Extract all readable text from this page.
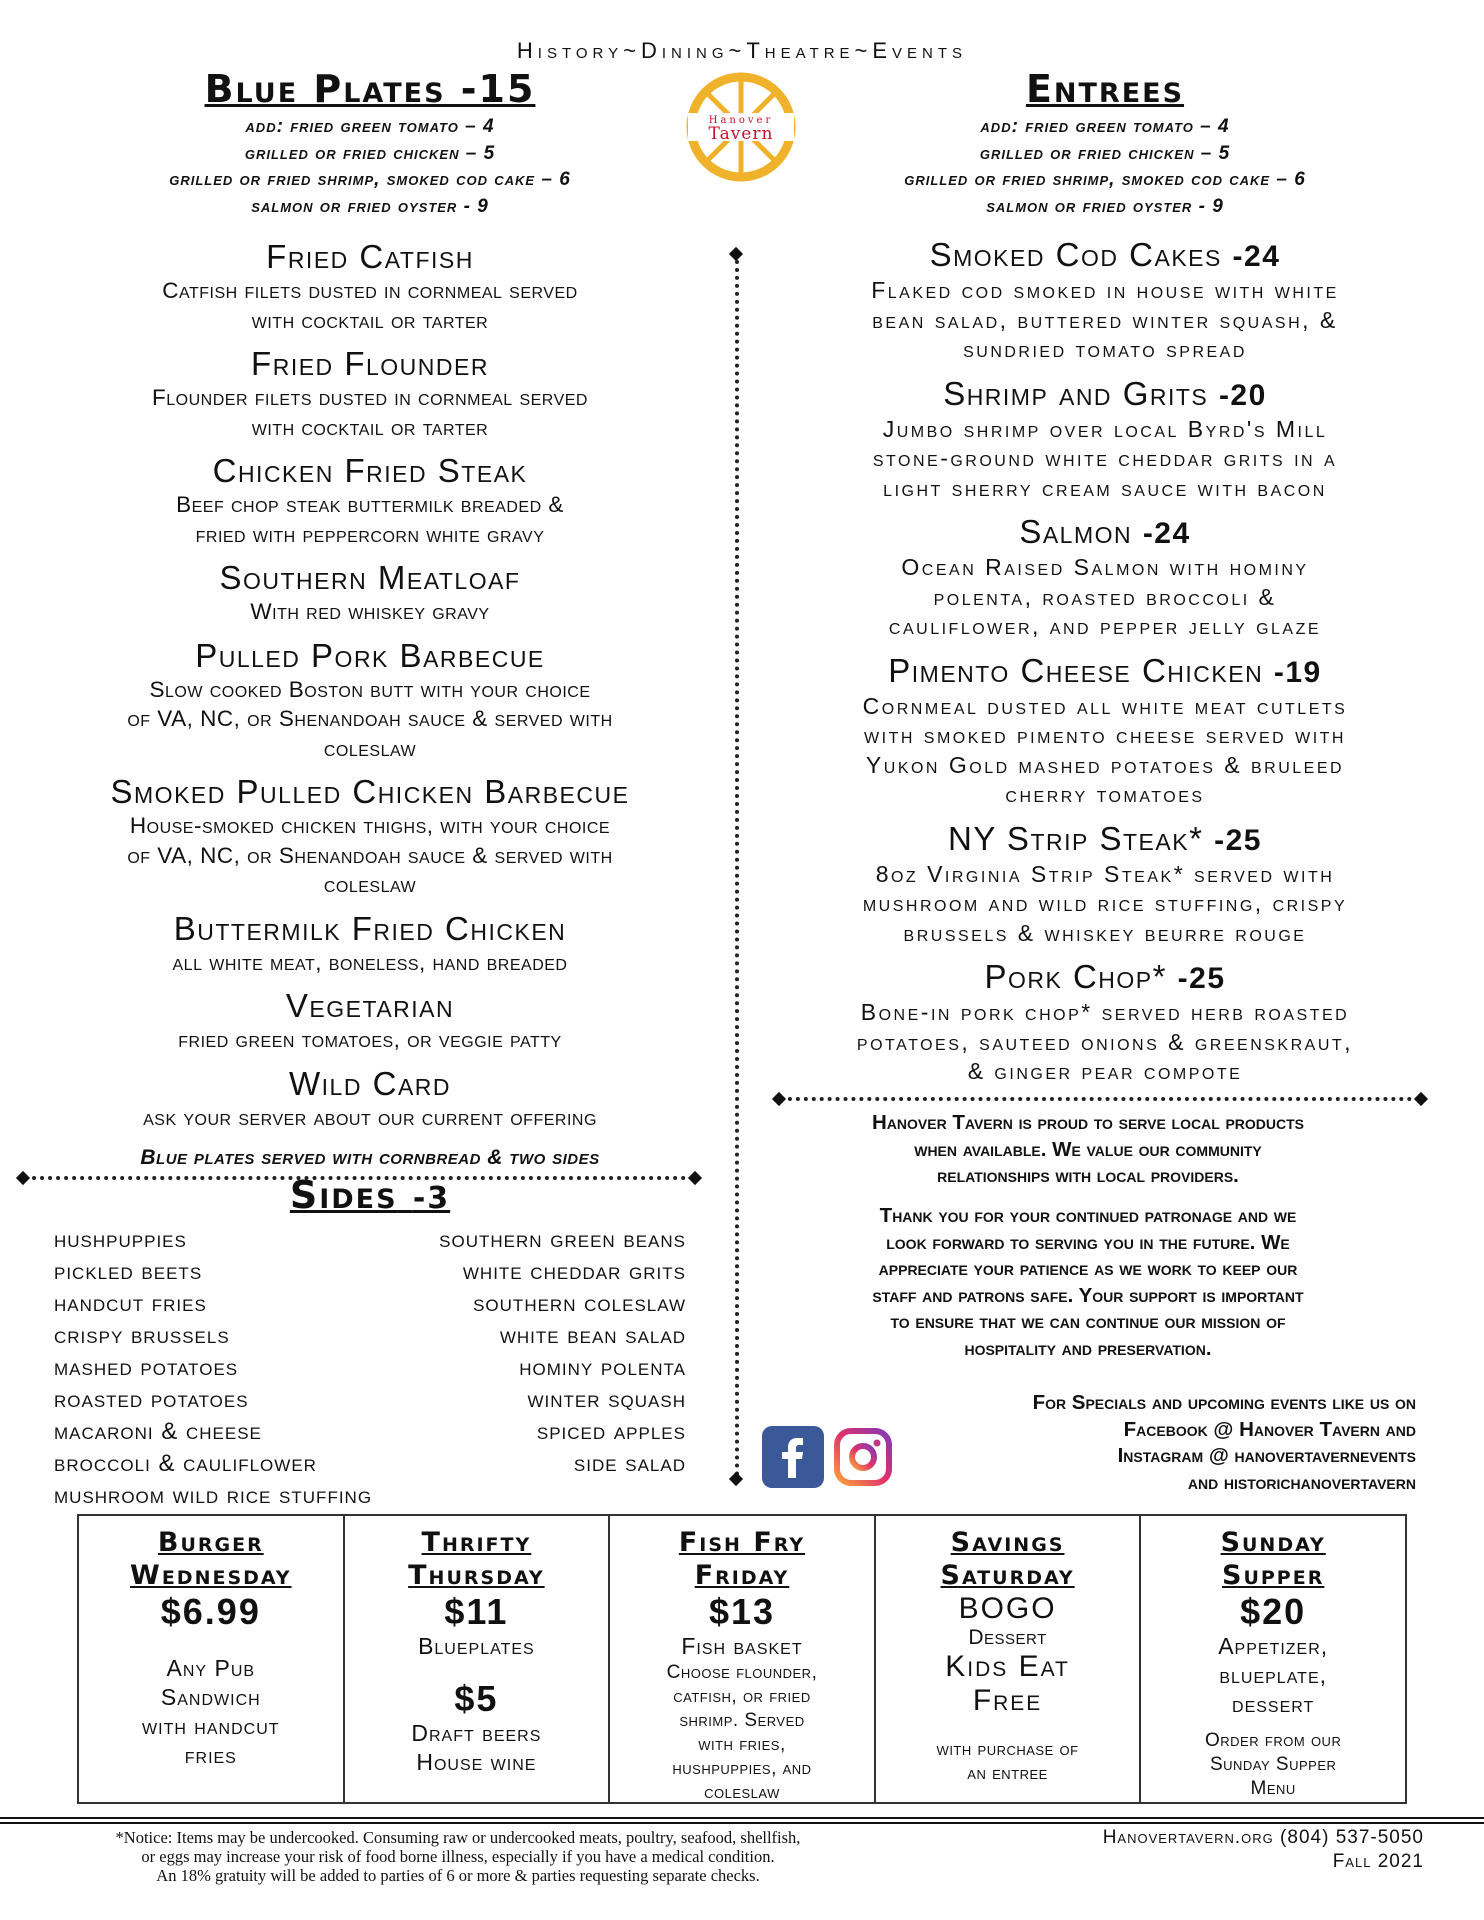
History~Dining~Theatre~Events
Hanover
Tavern
Blue Plates -15
add: fried green tomato – 4
grilled or fried chicken – 5
grilled or fried shrimp, smoked cod cake – 6
salmon or fried oyster - 9
Fried Catfish
Catfish filets dusted in cornmeal served
with cocktail or tarter
Fried Flounder
Flounder filets dusted in cornmeal served
with cocktail or tarter
Chicken Fried Steak
Beef chop steak buttermilk breaded &
fried with peppercorn white gravy
Southern Meatloaf
With red whiskey gravy
Pulled Pork Barbecue
Slow cooked Boston butt with your choice
of VA, NC, or Shenandoah sauce & served with
coleslaw
Smoked Pulled Chicken Barbecue
House-smoked chicken thighs, with your choice
of VA, NC, or Shenandoah sauce & served with
coleslaw
Buttermilk Fried Chicken
all white meat, boneless, hand breaded
Vegetarian
fried green tomatoes, or veggie patty
Wild Card
ask your server about our current offering
Blue plates served with cornbread & two sides
Entrees
add: fried green tomato – 4
grilled or fried chicken – 5
grilled or fried shrimp, smoked cod cake – 6
salmon or fried oyster - 9
Smoked Cod Cakes -24
Flaked cod smoked in house with white
bean salad, buttered winter squash, &
sundried tomato spread
Shrimp and Grits -20
Jumbo shrimp over local Byrd's Mill
stone-ground white cheddar grits in a
light sherry cream sauce with bacon
Salmon -24
Ocean Raised Salmon with hominy
polenta, roasted broccoli &
cauliflower, and pepper jelly glaze
Pimento Cheese Chicken -19
Cornmeal dusted all white meat cutlets
with smoked pimento cheese served with
Yukon Gold mashed potatoes & bruleed
cherry tomatoes
NY Strip Steak* -25
8oz Virginia Strip Steak* served with
mushroom and wild rice stuffing, crispy
brussels & whiskey beurre rouge
Pork Chop* -25
Bone-in pork chop* served herb roasted
potatoes, sauteed onions & greenskraut,
& ginger pear compote
Sides -3
hushpuppies	southern green beans
pickled beets	white cheddar grits
handcut fries	southern coleslaw
crispy brussels	white bean salad
mashed potatoes	hominy polenta
roasted potatoes	winter squash
macaroni & cheese	spiced apples
broccoli & cauliflower	side salad
mushroom wild rice stuffing
Hanover Tavern is proud to serve local products
when available. We value our community
relationships with local providers.
Thank you for your continued patronage and we
look forward to serving you in the future. We
appreciate your patience as we work to keep our
staff and patrons safe. Your support is important
to ensure that we can continue our mission of
hospitality and preservation.
For Specials and upcoming events like us on
Facebook @ Hanover Tavern and
Instagram @ hanovertavernevents
and historichanovertavern
Burger
Wednesday
$6.99
Any Pub
Sandwich
with handcut
fries
Thrifty
Thursday
$11
Blueplates
$5
Draft beers
House wine
Fish Fry
Friday
$13
Fish basket
Choose flounder,
catfish, or fried
shrimp. Served
with fries,
hushpuppies, and
coleslaw
Savings
Saturday
BOGO
Dessert
Kids Eat
Free
with purchase of
an entree
Sunday
Supper
$20
Appetizer,
blueplate,
dessert
Order from our
Sunday Supper
Menu
*Notice: Items may be undercooked. Consuming raw or undercooked meats, poultry, seafood, shellfish,
or eggs may increase your risk of food borne illness, especially if you have a medical condition.
An 18% gratuity will be added to parties of 6 or more & parties requesting separate checks.
Hanovertavern.org (804) 537-5050
Fall 2021
